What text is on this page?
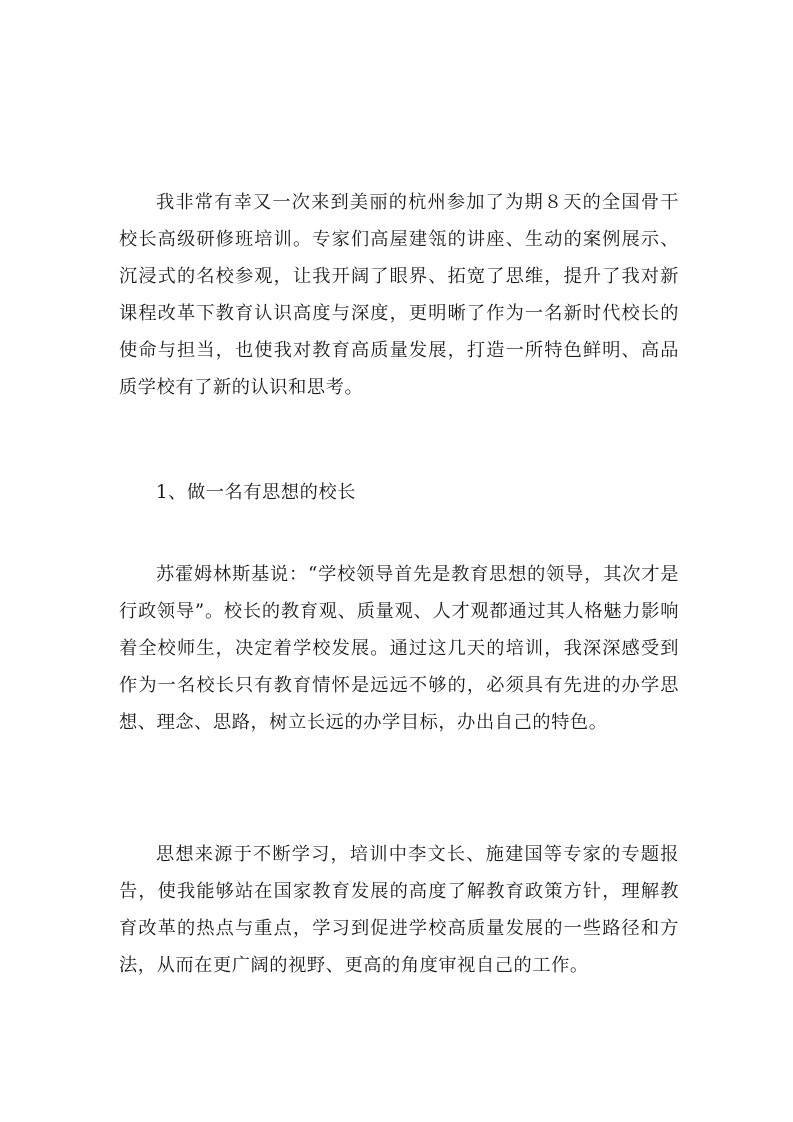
我非常有幸又一次来到美丽的杭州参加了为期８天的全国骨干校长高级研修班培训。专家们高屋建瓴的讲座、生动的案例展示、沉浸式的名校参观，让我开阔了眼界、拓宽了思维，提升了我对新课程改革下教育认识高度与深度，更明晰了作为一名新时代校长的使命与担当，也使我对教育高质量发展，打造一所特色鲜明、高品质学校有了新的认识和思考。

1、做一名有思想的校长

苏霍姆林斯基说：“学校领导首先是教育思想的领导，其次才是行政领导”。校长的教育观、质量观、人才观都通过其人格魅力影响着全校师生，决定着学校发展。通过这几天的培训，我深深感受到作为一名校长只有教育情怀是远远不够的，必须具有先进的办学思想、理念、思路，树立长远的办学目标，办出自己的特色。

思想来源于不断学习，培训中李文长、施建国等专家的专题报告，使我能够站在国家教育发展的高度了解教育政策方针，理解教育改革的热点与重点，学习到促进学校高质量发展的一些路径和方法，从而在更广阔的视野、更高的角度审视自己的工作。
